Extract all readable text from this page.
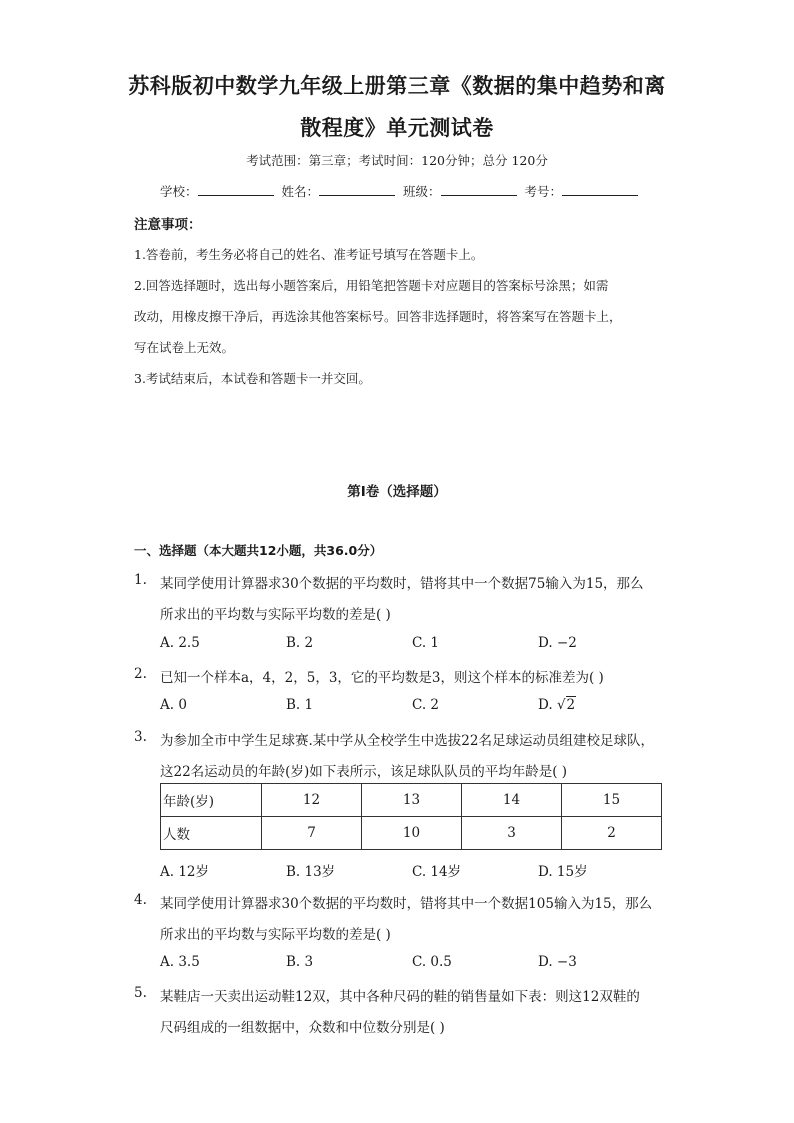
苏科版初中数学九年级上册第三章《数据的集中趋势和离
散程度》单元测试卷
考试范围：第三章；考试时间：120分钟；总分 120分
学校：	姓名：	班级：	考号：
注意事项：
1.答卷前，考生务必将自己的姓名、准考证号填写在答题卡上。
2.回答选择题时，选出每小题答案后，用铅笔把答题卡对应题目的答案标号涂黑；如需
改动，用橡皮擦干净后，再选涂其他答案标号。回答非选择题时，将答案写在答题卡上，
写在试卷上无效。
3.考试结束后，本试卷和答题卡一并交回。
第Ⅰ卷（选择题）
一、选择题（本大题共12小题，共36.0分）
1. 某同学使用计算器求30个数据的平均数时，错将其中一个数据75输入为15，那么
所求出的平均数与实际平均数的差是( )
A. 2.5	B. 2	C. 1	D. −2
2. 已知一个样本a，4，2，5，3，它的平均数是3，则这个样本的标准差为( )
A. 0	B. 1	C. 2	D. √2
3. 为参加全市中学生足球赛.某中学从全校学生中选拔22名足球运动员组建校足球队，
这22名运动员的年龄(岁)如下表所示，该足球队队员的平均年龄是( )
年龄(岁)	12	13	14	15
人数	7	10	3	2
A. 12岁	B. 13岁	C. 14岁	D. 15岁
4. 某同学使用计算器求30个数据的平均数时，错将其中一个数据105输入为15，那么
所求出的平均数与实际平均数的差是( )
A. 3.5	B. 3	C. 0.5	D. −3
5. 某鞋店一天卖出运动鞋12双，其中各种尺码的鞋的销售量如下表：则这12双鞋的
尺码组成的一组数据中，众数和中位数分别是( )
